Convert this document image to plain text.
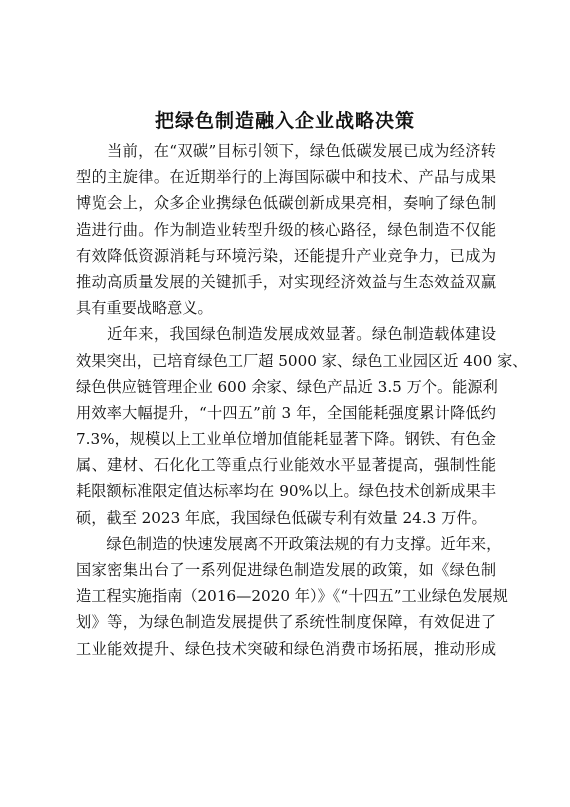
把绿色制造融入企业战略决策
　　当前，在“双碳”目标引领下，绿色低碳发展已成为经济转
型的主旋律。在近期举行的上海国际碳中和技术、产品与成果
博览会上，众多企业携绿色低碳创新成果亮相，奏响了绿色制
造进行曲。作为制造业转型升级的核心路径，绿色制造不仅能
有效降低资源消耗与环境污染，还能提升产业竞争力，已成为
推动高质量发展的关键抓手，对实现经济效益与生态效益双赢
具有重要战略意义。
　　近年来，我国绿色制造发展成效显著。绿色制造载体建设
效果突出，已培育绿色工厂超 5000 家、绿色工业园区近 400 家、
绿色供应链管理企业 600 余家、绿色产品近 3.5 万个。能源利
用效率大幅提升，“十四五”前 3 年，全国能耗强度累计降低约
7.3%，规模以上工业单位增加值能耗显著下降。钢铁、有色金
属、建材、石化化工等重点行业能效水平显著提高，强制性能
耗限额标准限定值达标率均在 90%以上。绿色技术创新成果丰
硕，截至 2023 年底，我国绿色低碳专利有效量 24.3 万件。
　　绿色制造的快速发展离不开政策法规的有力支撑。近年来，
国家密集出台了一系列促进绿色制造发展的政策，如《绿色制
造工程实施指南（2016—2020 年）》《“十四五”工业绿色发展规
划》等，为绿色制造发展提供了系统性制度保障，有效促进了
工业能效提升、绿色技术突破和绿色消费市场拓展，推动形成
